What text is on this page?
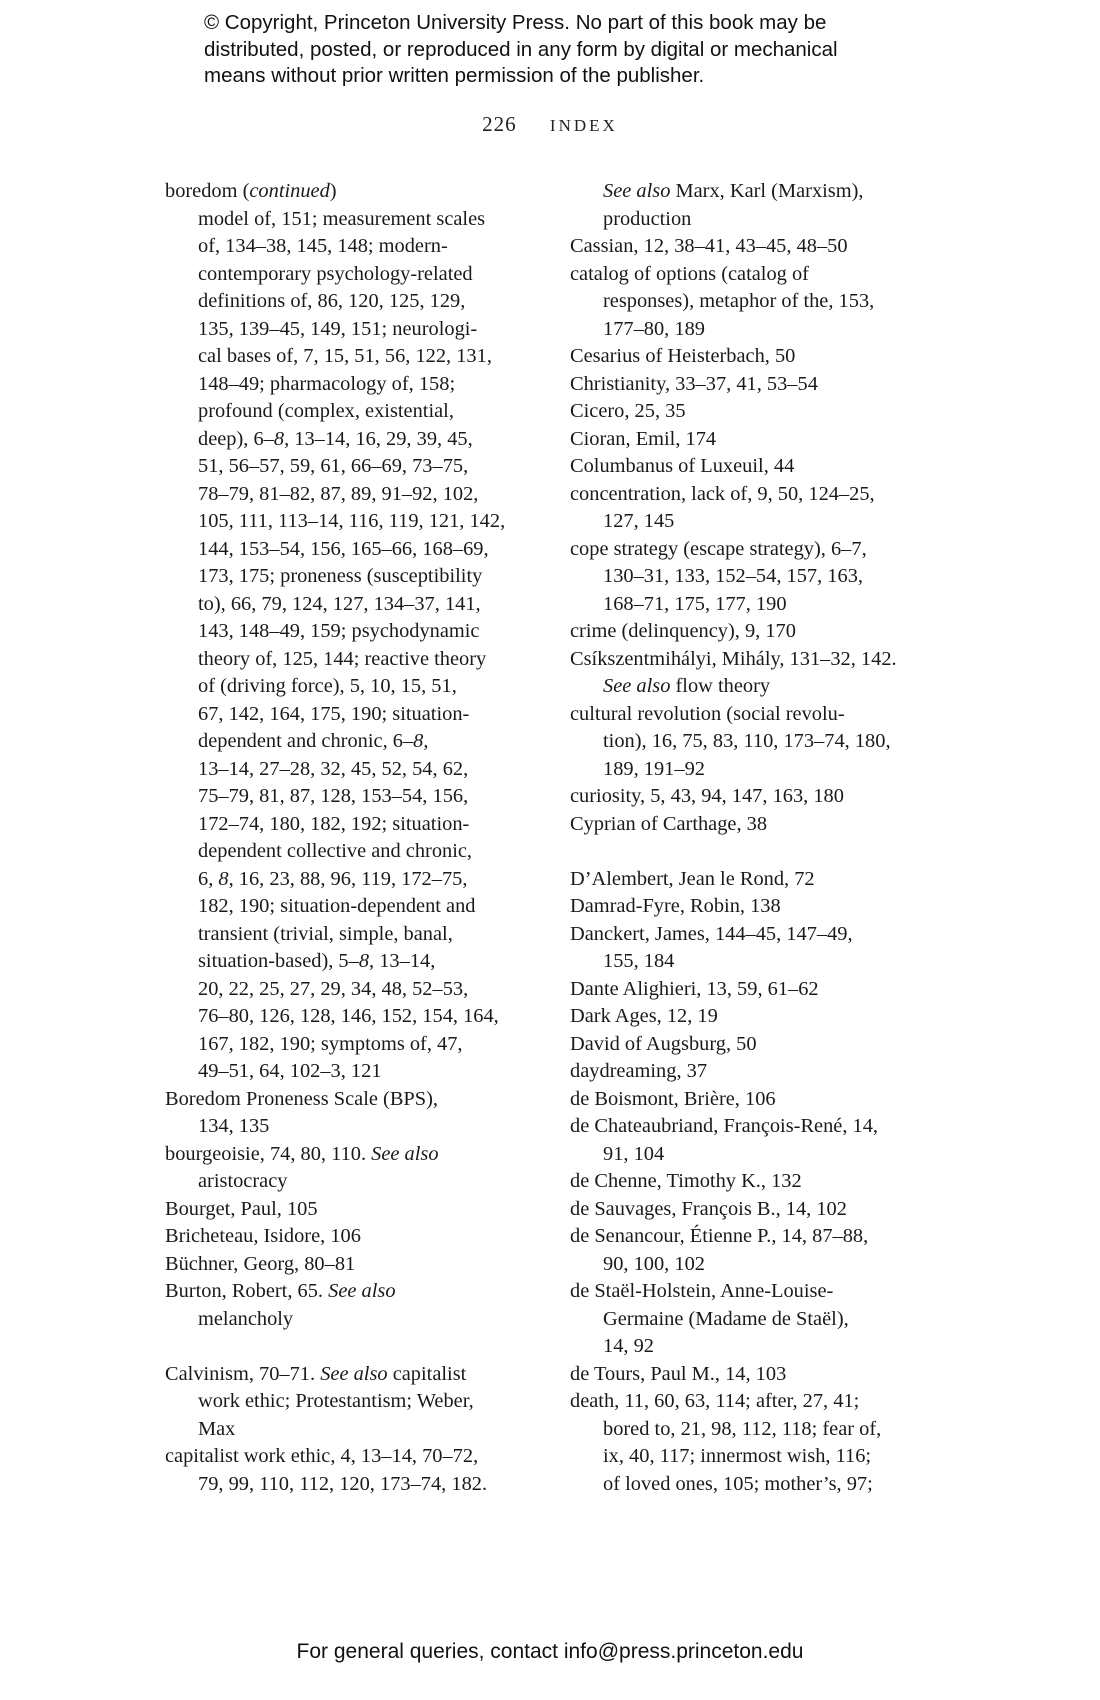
© Copyright, Princeton University Press. No part of this book may be
distributed, posted, or reproduced in any form by digital or mechanical
means without prior written permission of the publisher.
226 INDEX
boredom (continued)
model of, 151; measurement scales
of, 134–38, 145, 148; modern-
contemporary psychology-related
definitions of, 86, 120, 125, 129,
135, 139–45, 149, 151; neurologi-
cal bases of, 7, 15, 51, 56, 122, 131,
148–49; pharmacology of, 158;
profound (complex, existential,
deep), 6–8, 13–14, 16, 29, 39, 45,
51, 56–57, 59, 61, 66–69, 73–75,
78–79, 81–82, 87, 89, 91–92, 102,
105, 111, 113–14, 116, 119, 121, 142,
144, 153–54, 156, 165–66, 168–69,
173, 175; proneness (susceptibility
to), 66, 79, 124, 127, 134–37, 141,
143, 148–49, 159; psychodynamic
theory of, 125, 144; reactive theory
of (driving force), 5, 10, 15, 51,
67, 142, 164, 175, 190; situation-
dependent and chronic, 6–8,
13–14, 27–28, 32, 45, 52, 54, 62,
75–79, 81, 87, 128, 153–54, 156,
172–74, 180, 182, 192; situation-
dependent collective and chronic,
6, 8, 16, 23, 88, 96, 119, 172–75,
182, 190; situation-dependent and
transient (trivial, simple, banal,
situation-based), 5–8, 13–14,
20, 22, 25, 27, 29, 34, 48, 52–53,
76–80, 126, 128, 146, 152, 154, 164,
167, 182, 190; symptoms of, 47,
49–51, 64, 102–3, 121
Boredom Proneness Scale (BPS),
134, 135
bourgeoisie, 74, 80, 110. See also
aristocracy
Bourget, Paul, 105
Bricheteau, Isidore, 106
Büchner, Georg, 80–81
Burton, Robert, 65. See also
melancholy
Calvinism, 70–71. See also capitalist
work ethic; Protestantism; Weber,
Max
capitalist work ethic, 4, 13–14, 70–72,
79, 99, 110, 112, 120, 173–74, 182.
See also Marx, Karl (Marxism),
production
Cassian, 12, 38–41, 43–45, 48–50
catalog of options (catalog of
responses), metaphor of the, 153,
177–80, 189
Cesarius of Heisterbach, 50
Christianity, 33–37, 41, 53–54
Cicero, 25, 35
Cioran, Emil, 174
Columbanus of Luxeuil, 44
concentration, lack of, 9, 50, 124–25,
127, 145
cope strategy (escape strategy), 6–7,
130–31, 133, 152–54, 157, 163,
168–71, 175, 177, 190
crime (delinquency), 9, 170
Csíkszentmihályi, Mihály, 131–32, 142.
See also flow theory
cultural revolution (social revolu-
tion), 16, 75, 83, 110, 173–74, 180,
189, 191–92
curiosity, 5, 43, 94, 147, 163, 180
Cyprian of Carthage, 38
D’Alembert, Jean le Rond, 72
Damrad-Fyre, Robin, 138
Danckert, James, 144–45, 147–49,
155, 184
Dante Alighieri, 13, 59, 61–62
Dark Ages, 12, 19
David of Augsburg, 50
daydreaming, 37
de Boismont, Brière, 106
de Chateaubriand, François-René, 14,
91, 104
de Chenne, Timothy K., 132
de Sauvages, François B., 14, 102
de Senancour, Étienne P., 14, 87–88,
90, 100, 102
de Staël-Holstein, Anne-Louise-
Germaine (Madame de Staël),
14, 92
de Tours, Paul M., 14, 103
death, 11, 60, 63, 114; after, 27, 41;
bored to, 21, 98, 112, 118; fear of,
ix, 40, 117; innermost wish, 116;
of loved ones, 105; mother’s, 97;
For general queries, contact info@press.princeton.edu
